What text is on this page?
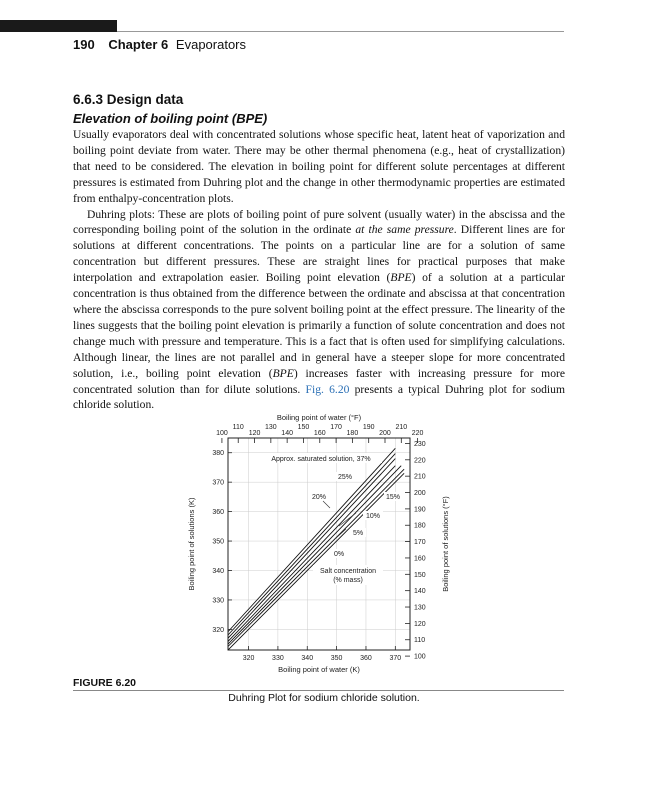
190 Chapter 6 Evaporators
6.6.3 Design data
Elevation of boiling point (BPE)

Usually evaporators deal with concentrated solutions whose specific heat, latent heat of vaporization and boiling point deviate from water. There may be other thermal phenomena (e.g., heat of crystallization) that need to be considered. The elevation in boiling point for different solute percentages at different pressures is estimated from Duhring plot and the change in other thermodynamic properties are estimated from enthalpy-concentration plots.

Duhring plots: These are plots of boiling point of pure solvent (usually water) in the abscissa and the corresponding boiling point of the solution in the ordinate at the same pressure. Different lines are for solutions at different concentrations. The points on a particular line are for a solution of same concentration but different pressures. These are straight lines for practical purposes that make interpolation and extrapolation easier. Boiling point elevation (BPE) of a solution at a particular concentration is thus obtained from the difference between the ordinate and abscissa at that concentration where the abscissa corresponds to the pure solvent boiling point at the effect pressure. The linearity of the lines suggests that the boiling point elevation is primarily a function of solute concentration and does not change much with pressure and temperature. This is a fact that is often used for simplifying calculations. Although linear, the lines are not parallel and in general have a steeper slope for more concentrated solution, i.e., boiling point elevation (BPE) increases faster with increasing pressure for more concentrated solution than for dilute solutions. Fig. 6.20 presents a typical Duhring plot for sodium chloride solution.

320	330	340	350	360	370
Boiling point of water (K)
320
330
340
350
360
370
380
Boiling point of solutions (K)
100
110
120
130
140
150
160
170
180
190
200
210
220
Boiling point of water (°F)
100
110
120
130
140
150
160
170
180
190
200
210
220
230
Boiling point of solutions (°F)
Approx. saturated solution, 37%
25%
20%	15%
10%
5%
0%
Salt concentration
(% mass)
FIGURE 6.20
Duhring Plot for sodium chloride solution.
